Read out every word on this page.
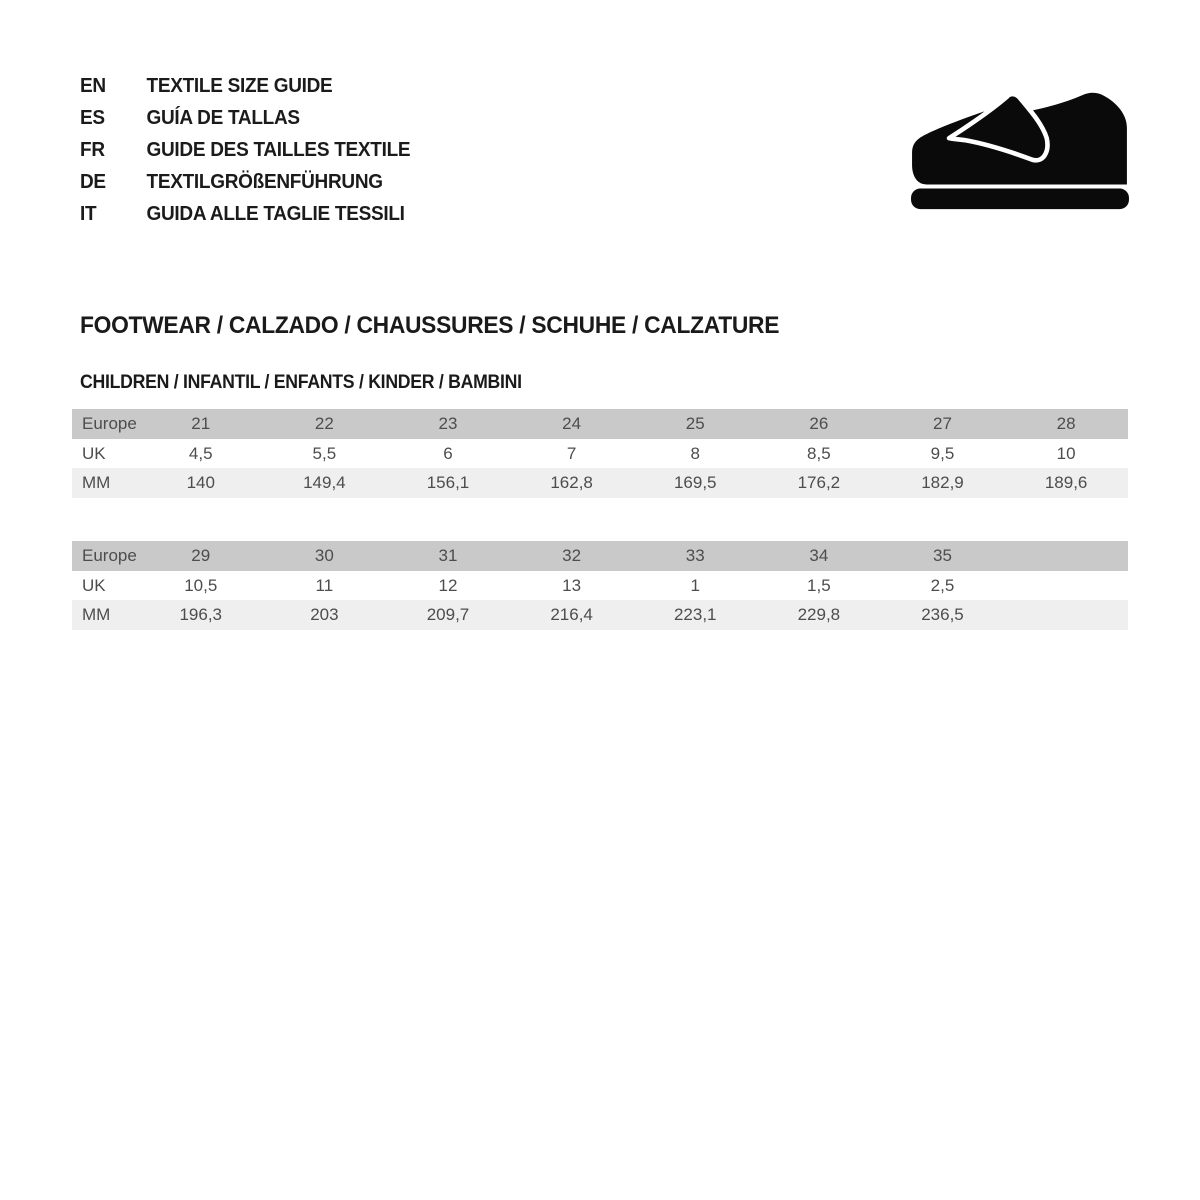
EN	TEXTILE SIZE GUIDE
ES	GUÍA DE TALLAS
FR	GUIDE DES TAILLES TEXTILE
DE	TEXTILGRÖßENFÜHRUNG
IT	GUIDA ALLE TAGLIE TESSILI
FOOTWEAR / CALZADO / CHAUSSURES / SCHUHE / CALZATURE
CHILDREN / INFANTIL / ENFANTS / KINDER / BAMBINI
Europe	21	22	23	24	25	26	27	28
UK	4,5	5,5	6	7	8	8,5	9,5	10
MM	140	149,4	156,1	162,8	169,5	176,2	182,9	189,6
Europe	29	30	31	32	33	34	35
UK	10,5	11	12	13	1	1,5	2,5
MM	196,3	203	209,7	216,4	223,1	229,8	236,5
